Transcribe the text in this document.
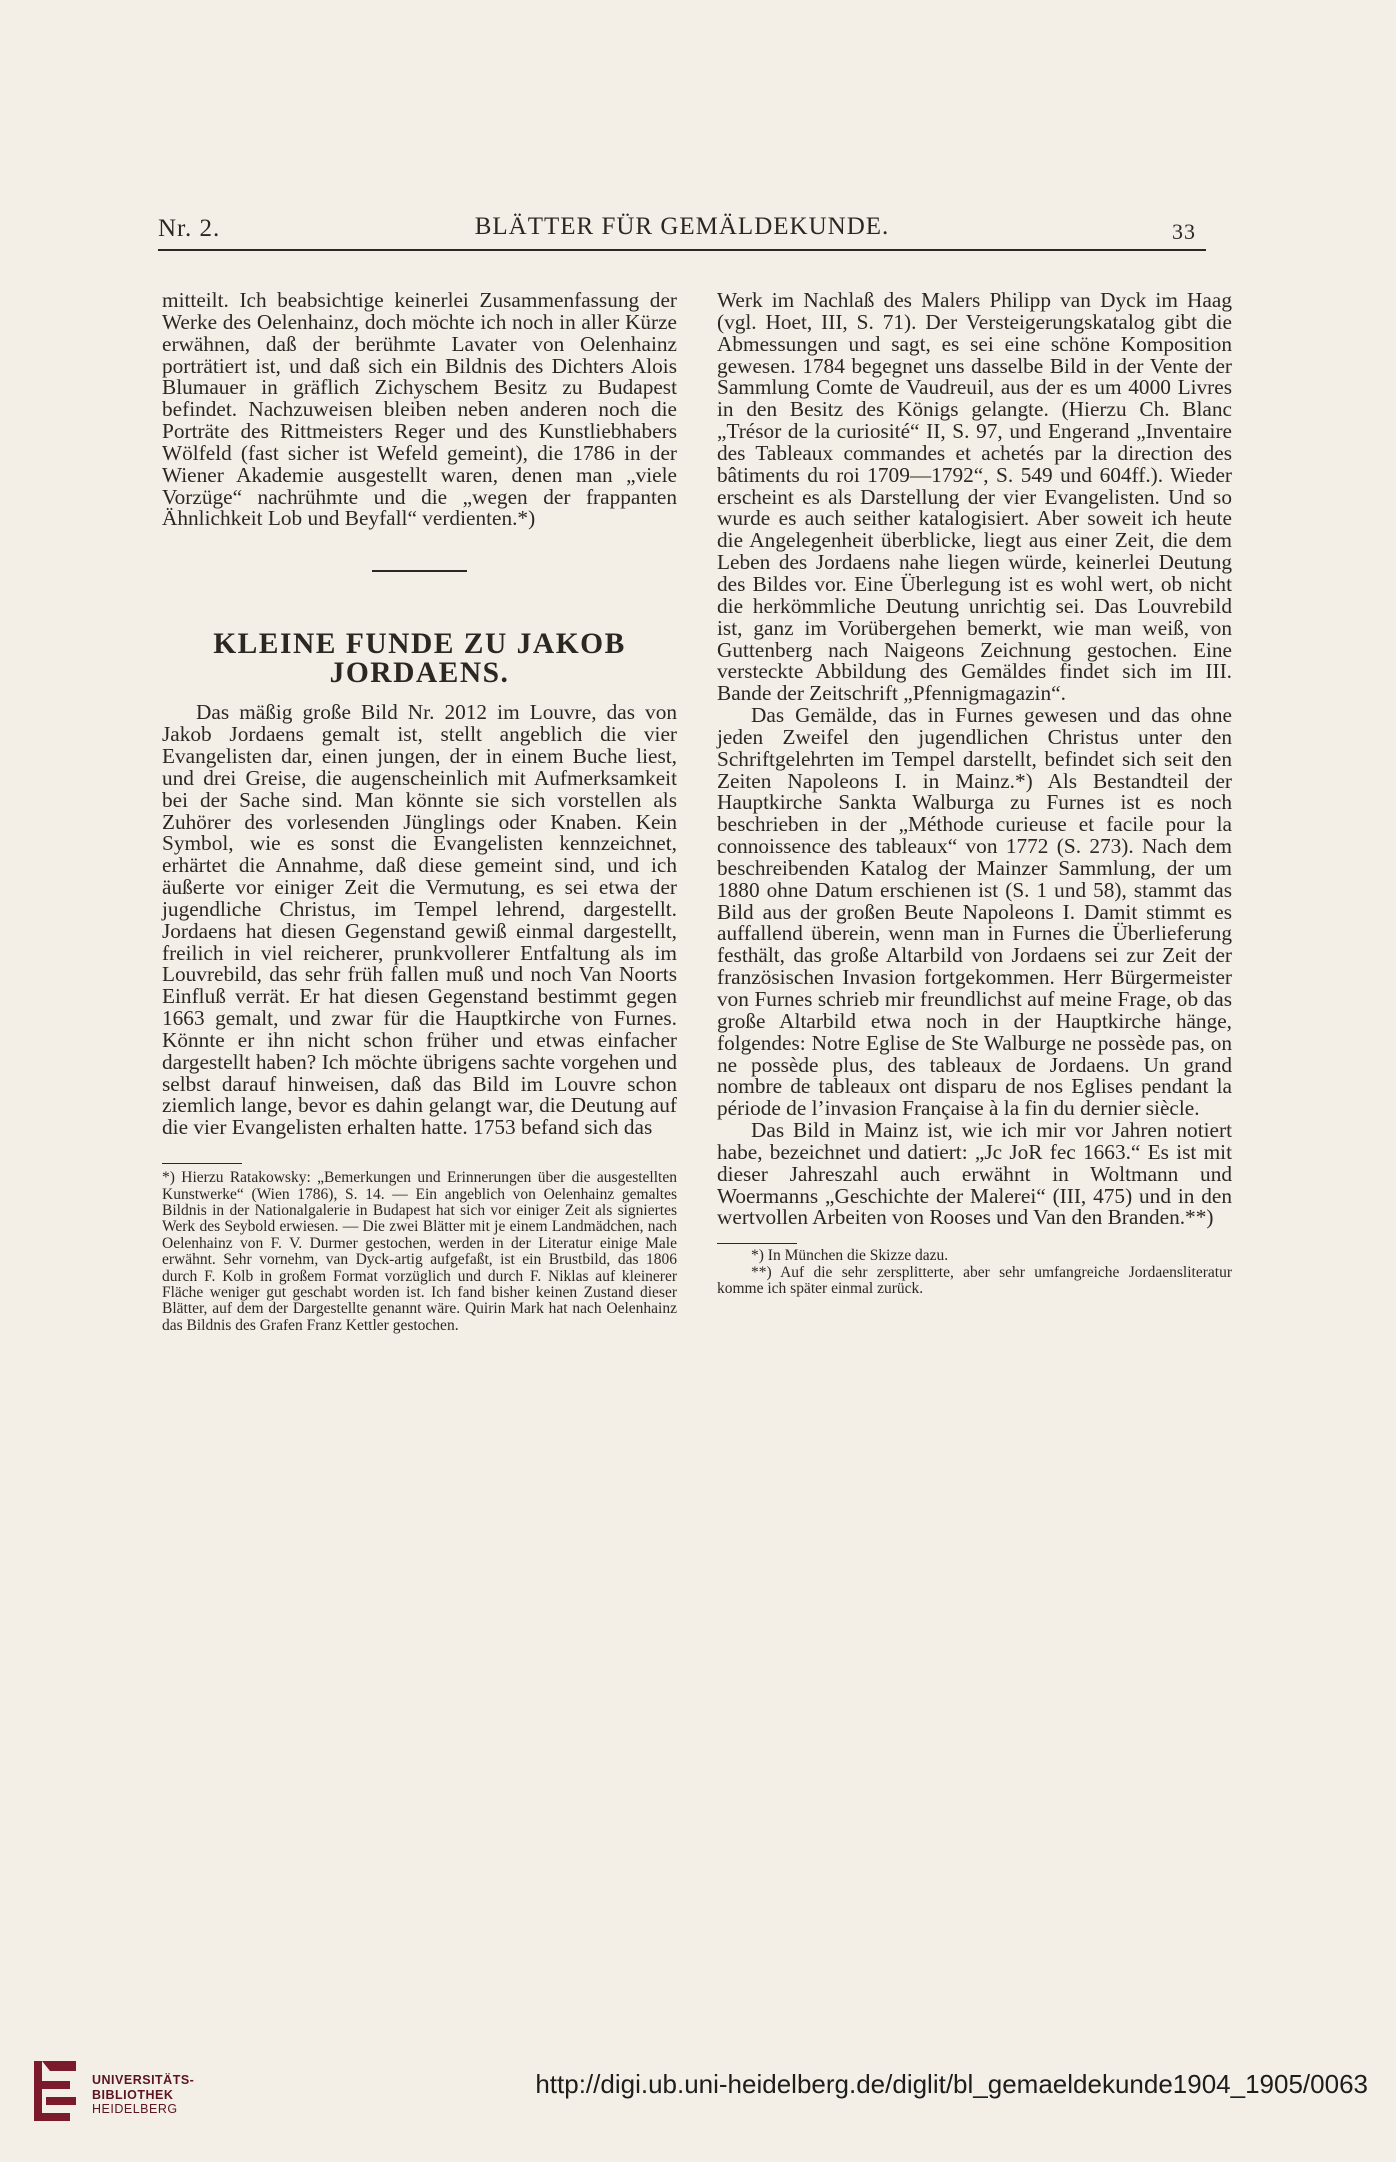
Nr. 2.	BLÄTTER FÜR GEMÄLDEKUNDE.	33

mitteilt. Ich beabsichtige keinerlei Zusammenfassung der Werke des Oelenhainz, doch möchte ich noch in aller Kürze erwähnen, daß der berühmte Lavater von Oelenhainz porträtiert ist, und daß sich ein Bildnis des Dichters Alois Blumauer in gräflich Zichyschem Besitz zu Budapest befindet. Nachzuweisen bleiben neben anderen noch die Porträte des Rittmeisters Reger und des Kunstliebhabers Wölfeld (fast sicher ist Wefeld gemeint), die 1786 in der Wiener Akademie ausgestellt waren, denen man „viele Vorzüge“ nachrühmte und die „wegen der frappanten Ähnlichkeit Lob und Beyfall“ verdienten.*)

KLEINE FUNDE ZU JAKOB JORDAENS.

Das mäßig große Bild Nr. 2012 im Louvre, das von Jakob Jordaens gemalt ist, stellt angeblich die vier Evangelisten dar, einen jungen, der in einem Buche liest, und drei Greise, die augenscheinlich mit Aufmerksamkeit bei der Sache sind. Man könnte sie sich vorstellen als Zuhörer des vorlesenden Jünglings oder Knaben. Kein Symbol, wie es sonst die Evangelisten kennzeichnet, erhärtet die Annahme, daß diese gemeint sind, und ich äußerte vor einiger Zeit die Vermutung, es sei etwa der jugendliche Christus, im Tempel lehrend, dargestellt. Jordaens hat diesen Gegenstand gewiß einmal dargestellt, freilich in viel reicherer, prunkvollerer Entfaltung als im Louvrebild, das sehr früh fallen muß und noch Van Noorts Einfluß verrät. Er hat diesen Gegenstand bestimmt gegen 1663 gemalt, und zwar für die Hauptkirche von Furnes. Könnte er ihn nicht schon früher und etwas einfacher dargestellt haben? Ich möchte übrigens sachte vorgehen und selbst darauf hinweisen, daß das Bild im Louvre schon ziemlich lange, bevor es dahin gelangt war, die Deutung auf die vier Evangelisten erhalten hatte. 1753 befand sich das

*) Hierzu Ratakowsky: „Bemerkungen und Erinnerungen über die ausgestellten Kunstwerke“ (Wien 1786), S. 14. — Ein angeblich von Oelenhainz gemaltes Bildnis in der Nationalgalerie in Budapest hat sich vor einiger Zeit als signiertes Werk des Seybold erwiesen. — Die zwei Blätter mit je einem Landmädchen, nach Oelenhainz von F. V. Durmer gestochen, werden in der Literatur einige Male erwähnt. Sehr vornehm, van Dyck-artig aufgefaßt, ist ein Brustbild, das 1806 durch F. Kolb in großem Format vorzüglich und durch F. Niklas auf kleinerer Fläche weniger gut geschabt worden ist. Ich fand bisher keinen Zustand dieser Blätter, auf dem der Dargestellte genannt wäre. Quirin Mark hat nach Oelenhainz das Bildnis des Grafen Franz Kettler gestochen.

Werk im Nachlaß des Malers Philipp van Dyck im Haag (vgl. Hoet, III, S. 71). Der Versteigerungskatalog gibt die Abmessungen und sagt, es sei eine schöne Komposition gewesen. 1784 begegnet uns dasselbe Bild in der Vente der Sammlung Comte de Vaudreuil, aus der es um 4000 Livres in den Besitz des Königs gelangte. (Hierzu Ch. Blanc „Trésor de la curiosité“ II, S. 97, und Engerand „Inventaire des Tableaux commandes et achetés par la direction des bâtiments du roi 1709—1792“, S. 549 und 604ff.). Wieder erscheint es als Darstellung der vier Evangelisten. Und so wurde es auch seither katalogisiert. Aber soweit ich heute die Angelegenheit überblicke, liegt aus einer Zeit, die dem Leben des Jordaens nahe liegen würde, keinerlei Deutung des Bildes vor. Eine Überlegung ist es wohl wert, ob nicht die herkömmliche Deutung unrichtig sei. Das Louvrebild ist, ganz im Vorübergehen bemerkt, wie man weiß, von Guttenberg nach Naigeons Zeichnung gestochen. Eine versteckte Abbildung des Gemäldes findet sich im III. Bande der Zeitschrift „Pfennigmagazin“.

Das Gemälde, das in Furnes gewesen und das ohne jeden Zweifel den jugendlichen Christus unter den Schriftgelehrten im Tempel darstellt, befindet sich seit den Zeiten Napoleons I. in Mainz.*) Als Bestandteil der Hauptkirche Sankta Walburga zu Furnes ist es noch beschrieben in der „Méthode curieuse et facile pour la connoissence des tableaux“ von 1772 (S. 273). Nach dem beschreibenden Katalog der Mainzer Sammlung, der um 1880 ohne Datum erschienen ist (S. 1 und 58), stammt das Bild aus der großen Beute Napoleons I. Damit stimmt es auffallend überein, wenn man in Furnes die Überlieferung festhält, das große Altarbild von Jordaens sei zur Zeit der französischen Invasion fortgekommen. Herr Bürgermeister von Furnes schrieb mir freundlichst auf meine Frage, ob das große Altarbild etwa noch in der Hauptkirche hänge, folgendes: Notre Eglise de Ste Walburge ne possède pas, on ne possède plus, des tableaux de Jordaens. Un grand nombre de tableaux ont disparu de nos Eglises pendant la période de l’invasion Française à la fin du dernier siècle.

Das Bild in Mainz ist, wie ich mir vor Jahren notiert habe, bezeichnet und datiert: „Jc JoR fec 1663.“ Es ist mit dieser Jahreszahl auch erwähnt in Woltmann und Woermanns „Geschichte der Malerei“ (III, 475) und in den wertvollen Arbeiten von Rooses und Van den Branden.**)

*) In München die Skizze dazu.

**) Auf die sehr zersplitterte, aber sehr umfangreiche Jordaensliteratur komme ich später einmal zurück.

UNIVERSITÄTS-
BIBLIOTHEK
HEIDELBERG
http://digi.ub.uni-heidelberg.de/diglit/bl_gemaeldekunde1904_1905/0063
